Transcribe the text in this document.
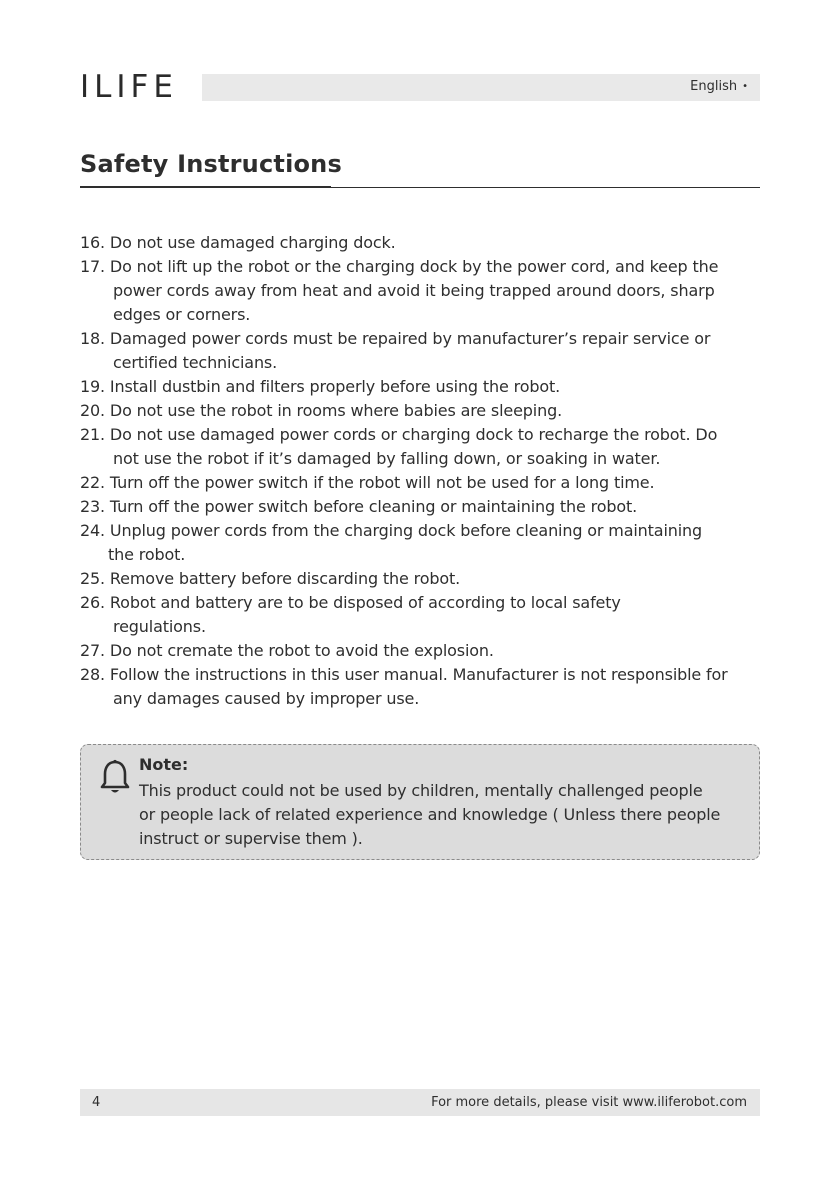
ILIFE	English •
Safety Instructions
16. Do not use damaged charging dock.
17. Do not lift up the robot or the charging dock by the power cord, and keep the
power cords away from heat and avoid it being trapped around doors, sharp
edges or corners.
18. Damaged power cords must be repaired by manufacturer’s repair service or
certified technicians.
19. Install dustbin and filters properly before using the robot.
20. Do not use the robot in rooms where babies are sleeping.
21. Do not use damaged power cords or charging dock to recharge the robot. Do
not use the robot if it’s damaged by falling down, or soaking in water.
22. Turn off the power switch if the robot will not be used for a long time.
23. Turn off the power switch before cleaning or maintaining the robot.
24. Unplug power cords from the charging dock before cleaning or maintaining
the robot.
25. Remove battery before discarding the robot.
26. Robot and battery are to be disposed of according to local safety
regulations.
27. Do not cremate the robot to avoid the explosion.
28. Follow the instructions in this user manual. Manufacturer is not responsible for
any damages caused by improper use.
Note:
This product could not be used by children, mentally challenged people
or people lack of related experience and knowledge ( Unless there people
instruct or supervise them ).
4	For more details, please visit www.iliferobot.com
